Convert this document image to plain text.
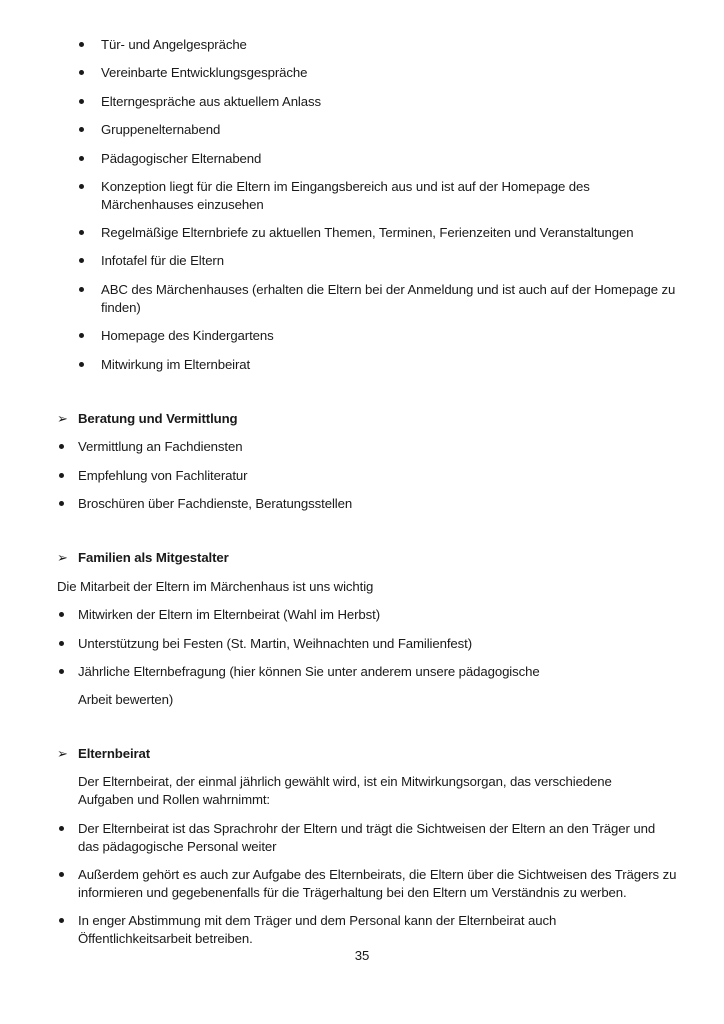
Tür- und Angelgespräche
Vereinbarte Entwicklungsgespräche
Elterngespräche aus aktuellem Anlass
Gruppenelternabend
Pädagogischer Elternabend
Konzeption liegt für die Eltern im Eingangsbereich aus und ist auf der Homepage des
Märchenhauses einzusehen
Regelmäßige Elternbriefe zu aktuellen Themen, Terminen, Ferienzeiten und Veranstaltungen
Infotafel für die Eltern
ABC des Märchenhauses (erhalten die Eltern bei der Anmeldung und ist auch auf der Homepage zu
finden)
Homepage des Kindergartens
Mitwirkung im Elternbeirat
➢ Beratung und Vermittlung
Vermittlung an Fachdiensten
Empfehlung von Fachliteratur
Broschüren über Fachdienste, Beratungsstellen
➢ Familien als Mitgestalter
Die Mitarbeit der Eltern im Märchenhaus ist uns wichtig
Mitwirken der Eltern im Elternbeirat (Wahl im Herbst)
Unterstützung bei Festen (St. Martin, Weihnachten und Familienfest)
Jährliche Elternbefragung (hier können Sie unter anderem unsere pädagogische
Arbeit bewerten)
➢ Elternbeirat
Der Elternbeirat, der einmal jährlich gewählt wird, ist ein Mitwirkungsorgan, das verschiedene
Aufgaben und Rollen wahrnimmt:
Der Elternbeirat ist das Sprachrohr der Eltern und trägt die Sichtweisen der Eltern an den Träger und
das pädagogische Personal weiter
Außerdem gehört es auch zur Aufgabe des Elternbeirats, die Eltern über die Sichtweisen des Trägers zu
informieren und gegebenenfalls für die Trägerhaltung bei den Eltern um Verständnis zu werben.
In enger Abstimmung mit dem Träger und dem Personal kann der Elternbeirat auch
Öffentlichkeitsarbeit betreiben.
35
